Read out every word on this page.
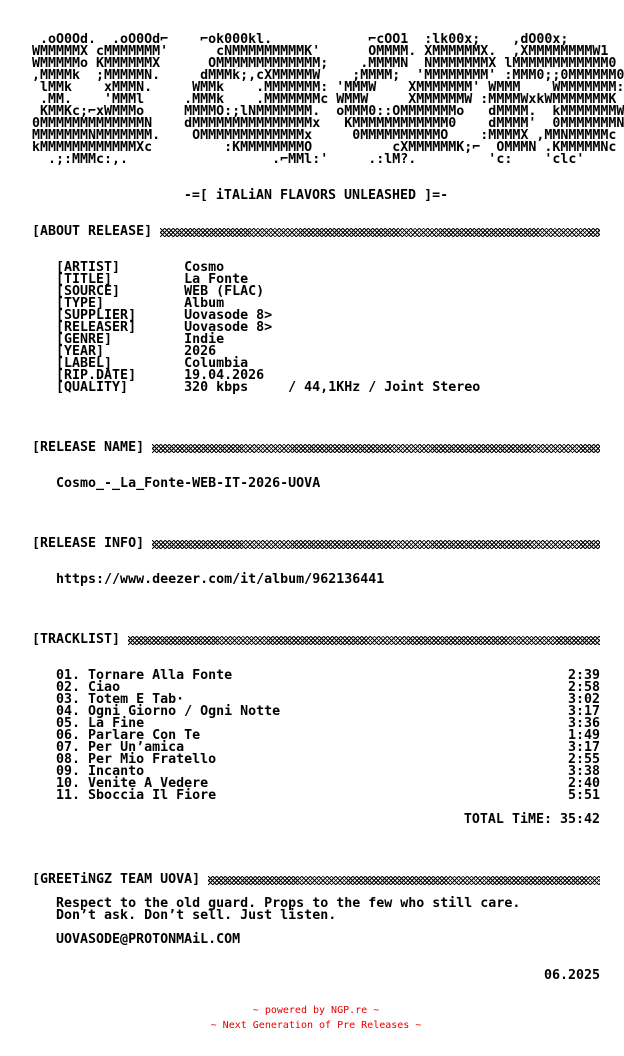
.oO0Od.  .oO0Od⌐    ⌐ok000kl.            ⌐cOO1  :lk00x;    ,dO00x;
WMMMMMX cMMMMMMM'      cNMMMMMMMMMK'      OMMMM. XMMMMMMX.  ,XMMMMMMMMW1
WMMMMMo KMMMMMMX      OMMMMMMMMMMMMM;    .MMMMN  NMMMMMMMX lMMMMMMMMMMMM0
,MMMMk  ;MMMMMN.     dMMMk;,cXMMMMMW    ;MMMM;  'MMMMMMMM' :MMM0;;0MMMMMM0
lMMk    xMMMN.     WMMk    .MMMMMMM: 'MMMW    XMMMMMMM' WMMM    WMMMMMMM:
.MM.    'MMMl     .MMMk    .MMMMMMMc WMMW     XMMMMMMW :MMMMWxkWMMMMMMMK
KMMKc;⌐xWMMMo     MMMMO:;lNMMMMMMM.  oMMM0::OMMMMMMMo   dMMMM.  kMMMMMMMW
0MMMMMMMMMMMMMN    dMMMMMMMMMMMMMMMx   KMMMMMMMMMMMM0    dMMMM'  0MMMMMMMN
MMMMMMMNMMMMMMM.    OMMMMMMMMMMMMMx     0MMMMMMMMMMO    :MMMMX ,MMNMMMMMc
kMMMMMMMMMMMMXc         :KMMMMMMMMO          cXMMMMMMK;⌐  OMMMN .KMMMMMNc
.;:MMMc:,.                  .⌐MMl:'     .:lM?.         'c:    'clc'
-=[ iTALiAN FLAVORS UNLEASHED ]=-
[ABOUT RELEASE]
[ARTIST]	Cosmo
[TITLE]	La Fonte
[SOURCE]	WEB (FLAC)
[TYPE]	Album
[SUPPLIER]	Uovasode 8>
[RELEASER]	Uovasode 8>
[GENRE]	Indie
[YEAR]	2026
[LABEL]	Columbia
[RIP.DATE]	19.04.2026
[QUALITY]	320 kbps     / 44,1KHz / Joint Stereo
[RELEASE NAME]
Cosmo_-_La_Fonte-WEB-IT-2026-UOVA
[RELEASE INFO]
https://www.deezer.com/it/album/962136441
[TRACKLIST]
01. Tornare Alla Fonte	2:39
02. Ciao	2:58
03. Totem E Tab·	3:02
04. Ogni Giorno / Ogni Notte	3:17
05. La Fine	3:36
06. Parlare Con Te	1:49
07. Per Un’amica	3:17
08. Per Mio Fratello	2:55
09. Incanto	3:38
10. Venite A Vedere	2:40
11. Sboccia Il Fiore	5:51
TOTAL TiME: 35:42
[GREETiNGZ TEAM UOVA]
Respect to the old guard. Props to the few who still care.
Don’t ask. Don’t sell. Just listen.
UOVASODE@PROTONMAiL.COM
06.2025
~ powered by NGP.re ~
~ Next Generation of Pre Releases ~
